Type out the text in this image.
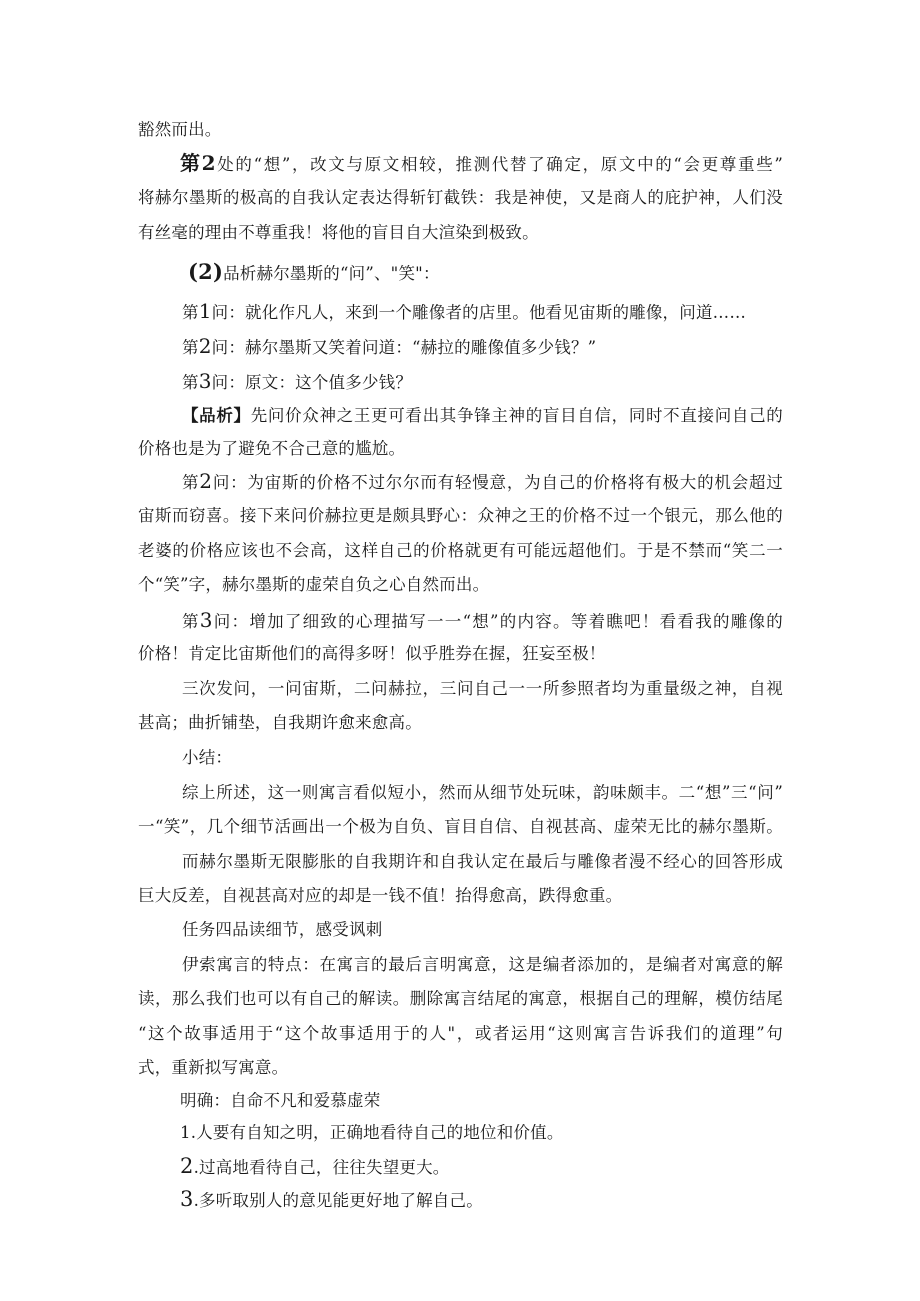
豁然而出。
第2处的“想”，改文与原文相较，推测代替了确定，原文中的“会更尊重些”
将赫尔墨斯的极高的自我认定表达得斩钉截铁：我是神使，又是商人的庇护神，人们没
有丝毫的理由不尊重我！将他的盲目自大渲染到极致。
(2)品析赫尔墨斯的“问”、"笑"：
第1问：就化作凡人，来到一个雕像者的店里。他看见宙斯的雕像，问道……
第2问：赫尔墨斯又笑着问道：“赫拉的雕像值多少钱？”
第3问：原文：这个值多少钱？
【品析】先问价众神之王更可看出其争锋主神的盲目自信，同时不直接问自己的
价格也是为了避免不合己意的尴尬。
第2问：为宙斯的价格不过尔尔而有轻慢意，为自己的价格将有极大的机会超过
宙斯而窃喜。接下来问价赫拉更是颇具野心：众神之王的价格不过一个银元，那么他的
老婆的价格应该也不会高，这样自己的价格就更有可能远超他们。于是不禁而“笑二一
个“笑”字，赫尔墨斯的虚荣自负之心自然而出。
第3问：增加了细致的心理描写一一“想”的内容。等着瞧吧！看看我的雕像的
价格！肯定比宙斯他们的高得多呀！似乎胜券在握，狂妄至极！
三次发问，一问宙斯，二问赫拉，三问自己一一所参照者均为重量级之神，自视
甚高；曲折铺垫，自我期许愈来愈高。
小结：
综上所述，这一则寓言看似短小，然而从细节处玩味，韵味颇丰。二“想”三“问”
一“笑”，几个细节活画出一个极为自负、盲目自信、自视甚高、虚荣无比的赫尔墨斯。
而赫尔墨斯无限膨胀的自我期许和自我认定在最后与雕像者漫不经心的回答形成
巨大反差，自视甚高对应的却是一钱不值！抬得愈高，跌得愈重。
任务四品读细节，感受讽刺
伊索寓言的特点：在寓言的最后言明寓意，这是编者添加的，是编者对寓意的解
读，那么我们也可以有自己的解读。删除寓言结尾的寓意，根据自己的理解，模仿结尾
“这个故事适用于“这个故事适用于的人"，或者运用“这则寓言告诉我们的道理”句
式，重新拟写寓意。
明确：自命不凡和爱慕虚荣
1.人要有自知之明，正确地看待自己的地位和价值。
2.过高地看待自己，往往失望更大。
3.多听取别人的意见能更好地了解自己。
